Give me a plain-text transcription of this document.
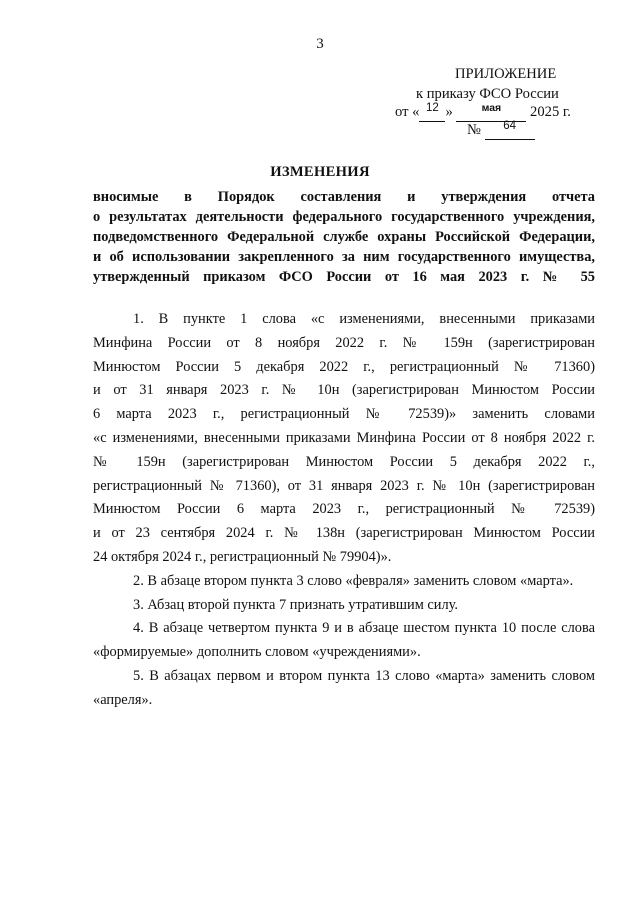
3
ПРИЛОЖЕНИЕ
к приказу ФСО России
от « $^{12}$ »	$^{мая}$ 2025 г.
№ $^{64}$
ИЗМЕНЕНИЯ
вносимые в Порядок составления и утверждения отчета
о результатах деятельности федерального государственного учреждения,
подведомственного Федеральной службе охраны Российской Федерации,
и об использовании закрепленного за ним государственного имущества,
утвержденный приказом ФСО России от 16 мая 2023 г. № 55
1. В пункте 1 слова «с изменениями, внесенными приказами
Минфина России от 8 ноября 2022 г. № 159н (зарегистрирован
Минюстом России 5 декабря 2022 г., регистрационный № 71360)
и от 31 января 2023 г. № 10н (зарегистрирован Минюстом России
6 марта 2023 г., регистрационный № 72539)» заменить словами
«с изменениями, внесенными приказами Минфина России от 8 ноября 2022 г.
№ 159н (зарегистрирован Минюстом России 5 декабря 2022 г.,
регистрационный № 71360), от 31 января 2023 г. № 10н (зарегистрирован
Минюстом России 6 марта 2023 г., регистрационный № 72539)
и от 23 сентября 2024 г. № 138н (зарегистрирован Минюстом России
24 октября 2024 г., регистрационный № 79904)».
2. В абзаце втором пункта 3 слово «февраля» заменить словом «марта».
3. Абзац второй пункта 7 признать утратившим силу.
4. В абзаце четвертом пункта 9 и в абзаце шестом пункта 10 после слова
«формируемые» дополнить словом «учреждениями».
5. В абзацах первом и втором пункта 13 слово «марта» заменить словом
«апреля».
